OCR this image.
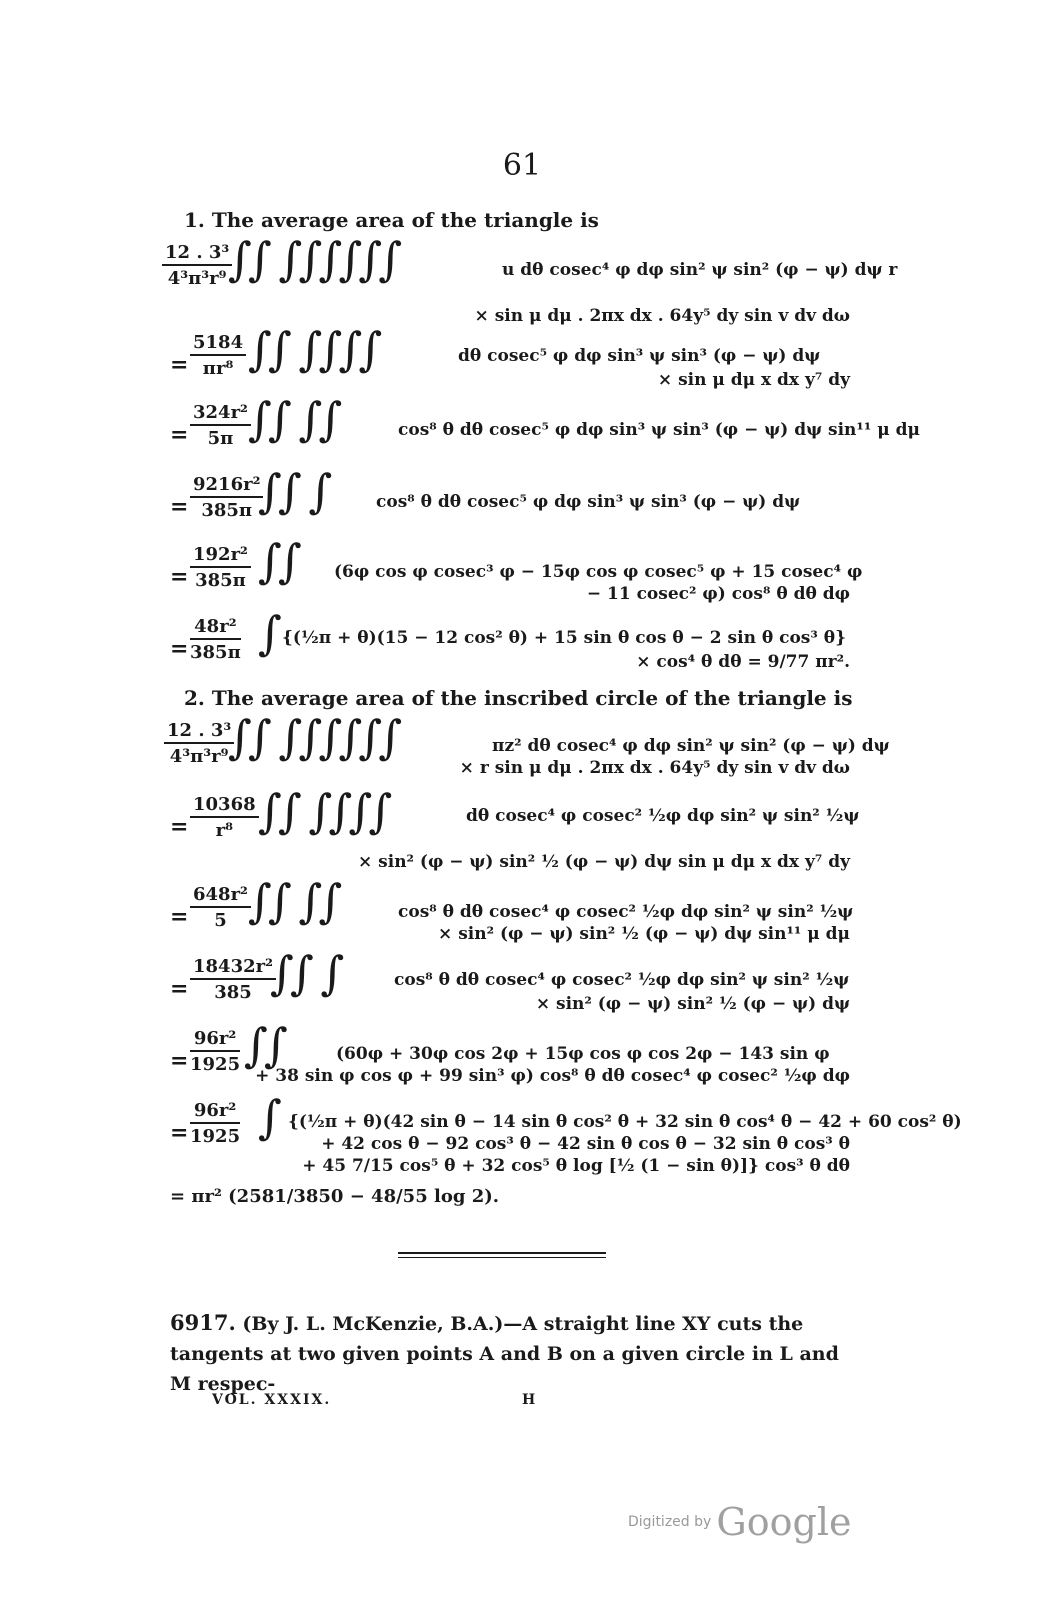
61
1. The average area of the triangle is
$\frac{\text{12 . 3³}}{\text{4³π³r⁹}}$
∫∫ ∫∫∫∫∫∫	u dθ cosec⁴ φ dφ sin² ψ sin² (φ − ψ) dψ r
× sin μ dμ . 2πx dx . 64y⁵ dy sin v dv dω
= $\frac{5184}{\text{πr⁸}}$ ∫∫ ∫∫∫∫	dθ cosec⁵ φ dφ sin³ ψ sin³ (φ − ψ) dψ
× sin μ dμ x dx y⁷ dy
= $\frac{\text{324r²}}{5\pi}$
∫∫ ∫∫	cos⁸ θ dθ cosec⁵ φ dφ sin³ ψ sin³ (φ − ψ) dψ sin¹¹ μ dμ
= $\frac{\text{9216r²}}{385\pi}$
∫∫ ∫	cos⁸ θ dθ cosec⁵ φ dφ sin³ ψ sin³ (φ − ψ) dψ
= $\frac{\text{192r²}}{385\pi}$ ∫∫ (6φ cos φ cosec³ φ − 15φ cos φ cosec⁵ φ + 15 cosec⁴ φ
− 11 cosec² φ) cos⁸ θ dθ dφ
= $\frac{\text{48r²}}{385\pi}$ ∫ {(½π + θ)(15 − 12 cos² θ) + 15 sin θ cos θ − 2 sin θ cos³ θ}
× cos⁴ θ dθ = 9/77 πr².
2. The average area of the inscribed circle of the triangle is
$\frac{\text{12 . 3³}}{\text{4³π³r⁹}}$
∫∫ ∫∫∫∫∫∫	πz² dθ cosec⁴ φ dφ sin² ψ sin² (φ − ψ) dψ
× r sin μ dμ . 2πx dx . 64y⁵ dy sin v dv dω
= $\frac{10368}{\text{r⁸}}$ ∫∫ ∫∫∫∫	dθ cosec⁴ φ cosec² ½φ dφ sin² ψ sin² ½ψ
× sin² (φ − ψ) sin² ½ (φ − ψ) dψ sin μ dμ x dx y⁷ dy
= $\frac{\text{648r²}}{5}$
∫∫ ∫∫	cos⁸ θ dθ cosec⁴ φ cosec² ½φ dφ sin² ψ sin² ½ψ
× sin² (φ − ψ) sin² ½ (φ − ψ) dψ sin¹¹ μ dμ
= $\frac{\text{18432r²}}{385}$
∫∫ ∫	cos⁸ θ dθ cosec⁴ φ cosec² ½φ dφ sin² ψ sin² ½ψ
× sin² (φ − ψ) sin² ½ (φ − ψ) dψ
= $\frac{\text{96r²}}{1925}$ ∫∫	(60φ + 30φ cos 2φ + 15φ cos φ cos 2φ − 143 sin φ
+ 38 sin φ cos φ + 99 sin³ φ) cos⁸ θ dθ cosec⁴ φ cosec² ½φ dφ
= $\frac{\text{96r²}}{1925}$ ∫ {(½π + θ)(42 sin θ − 14 sin θ cos² θ + 32 sin θ cos⁴ θ − 42 + 60 cos² θ)
+ 42 cos θ − 92 cos³ θ − 42 sin θ cos θ − 32 sin θ cos³ θ
+ 45 7/15 cos⁵ θ + 32 cos⁵ θ log [½ (1 − sin θ)]} cos³ θ dθ
= πr² (2581/3850 − 48/55 log 2).
6917. (By J. L. McKenzie, B.A.)—A straight line XY cuts the tangents at two given points A and B on a given circle in L and M respec-
VOL. XXXIX.	H
Digitized by Google
